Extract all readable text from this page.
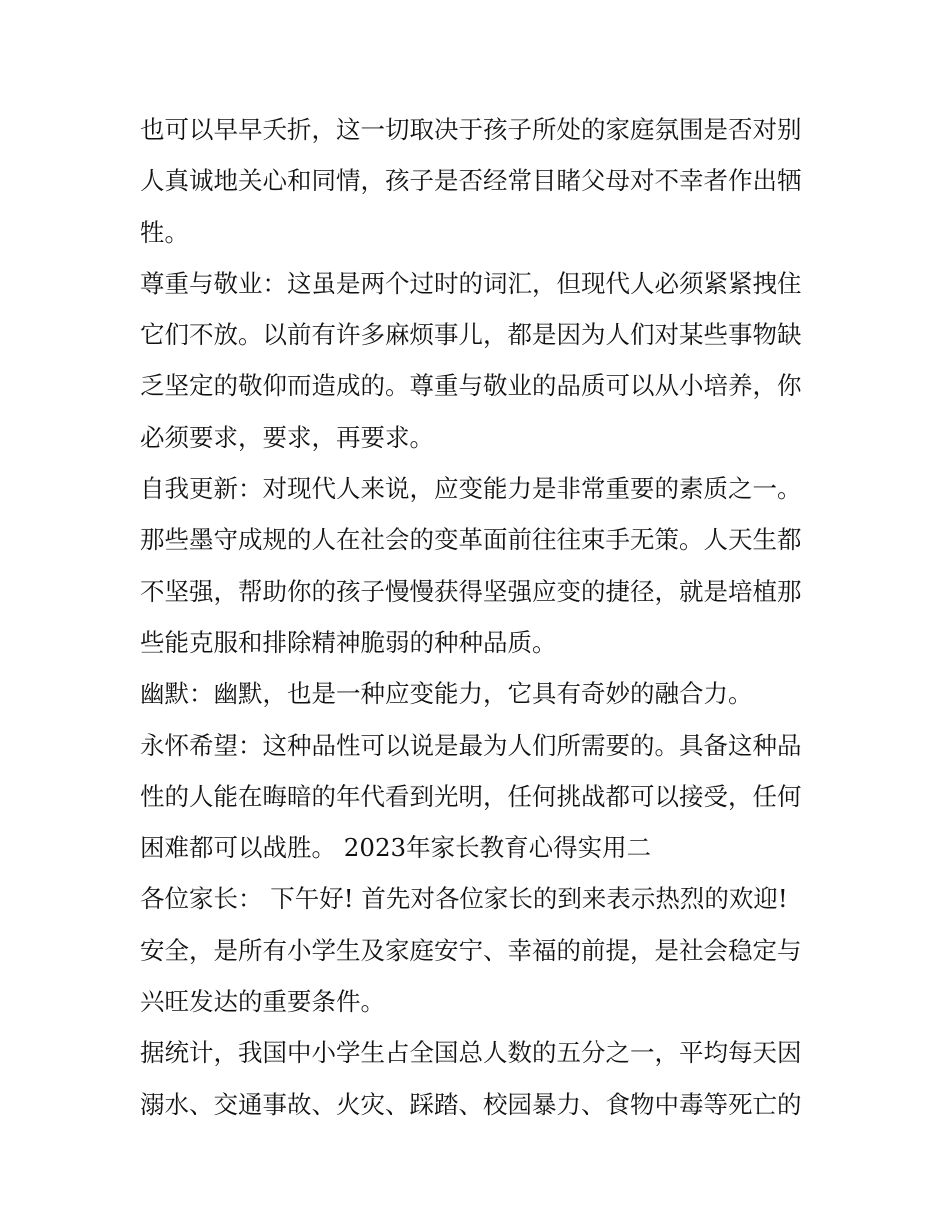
也可以早早夭折，这一切取决于孩子所处的家庭氛围是否对别
人真诚地关心和同情，孩子是否经常目睹父母对不幸者作出牺
牲。
尊重与敬业：这虽是两个过时的词汇，但现代人必须紧紧拽住
它们不放。以前有许多麻烦事儿，都是因为人们对某些事物缺
乏坚定的敬仰而造成的。尊重与敬业的品质可以从小培养，你
必须要求，要求，再要求。
自我更新：对现代人来说，应变能力是非常重要的素质之一。
那些墨守成规的人在社会的变革面前往往束手无策。人天生都
不坚强，帮助你的孩子慢慢获得坚强应变的捷径，就是培植那
些能克服和排除精神脆弱的种种品质。
幽默：幽默，也是一种应变能力，它具有奇妙的融合力。
永怀希望：这种品性可以说是最为人们所需要的。具备这种品
性的人能在晦暗的年代看到光明，任何挑战都可以接受，任何
困难都可以战胜。 2023年家长教育心得实用二
各位家长： 下午好! 首先对各位家长的到来表示热烈的欢迎!
安全，是所有小学生及家庭安宁、幸福的前提，是社会稳定与
兴旺发达的重要条件。
据统计，我国中小学生占全国总人数的五分之一，平均每天因
溺水、交通事故、火灾、踩踏、校园暴力、食物中毒等死亡的
